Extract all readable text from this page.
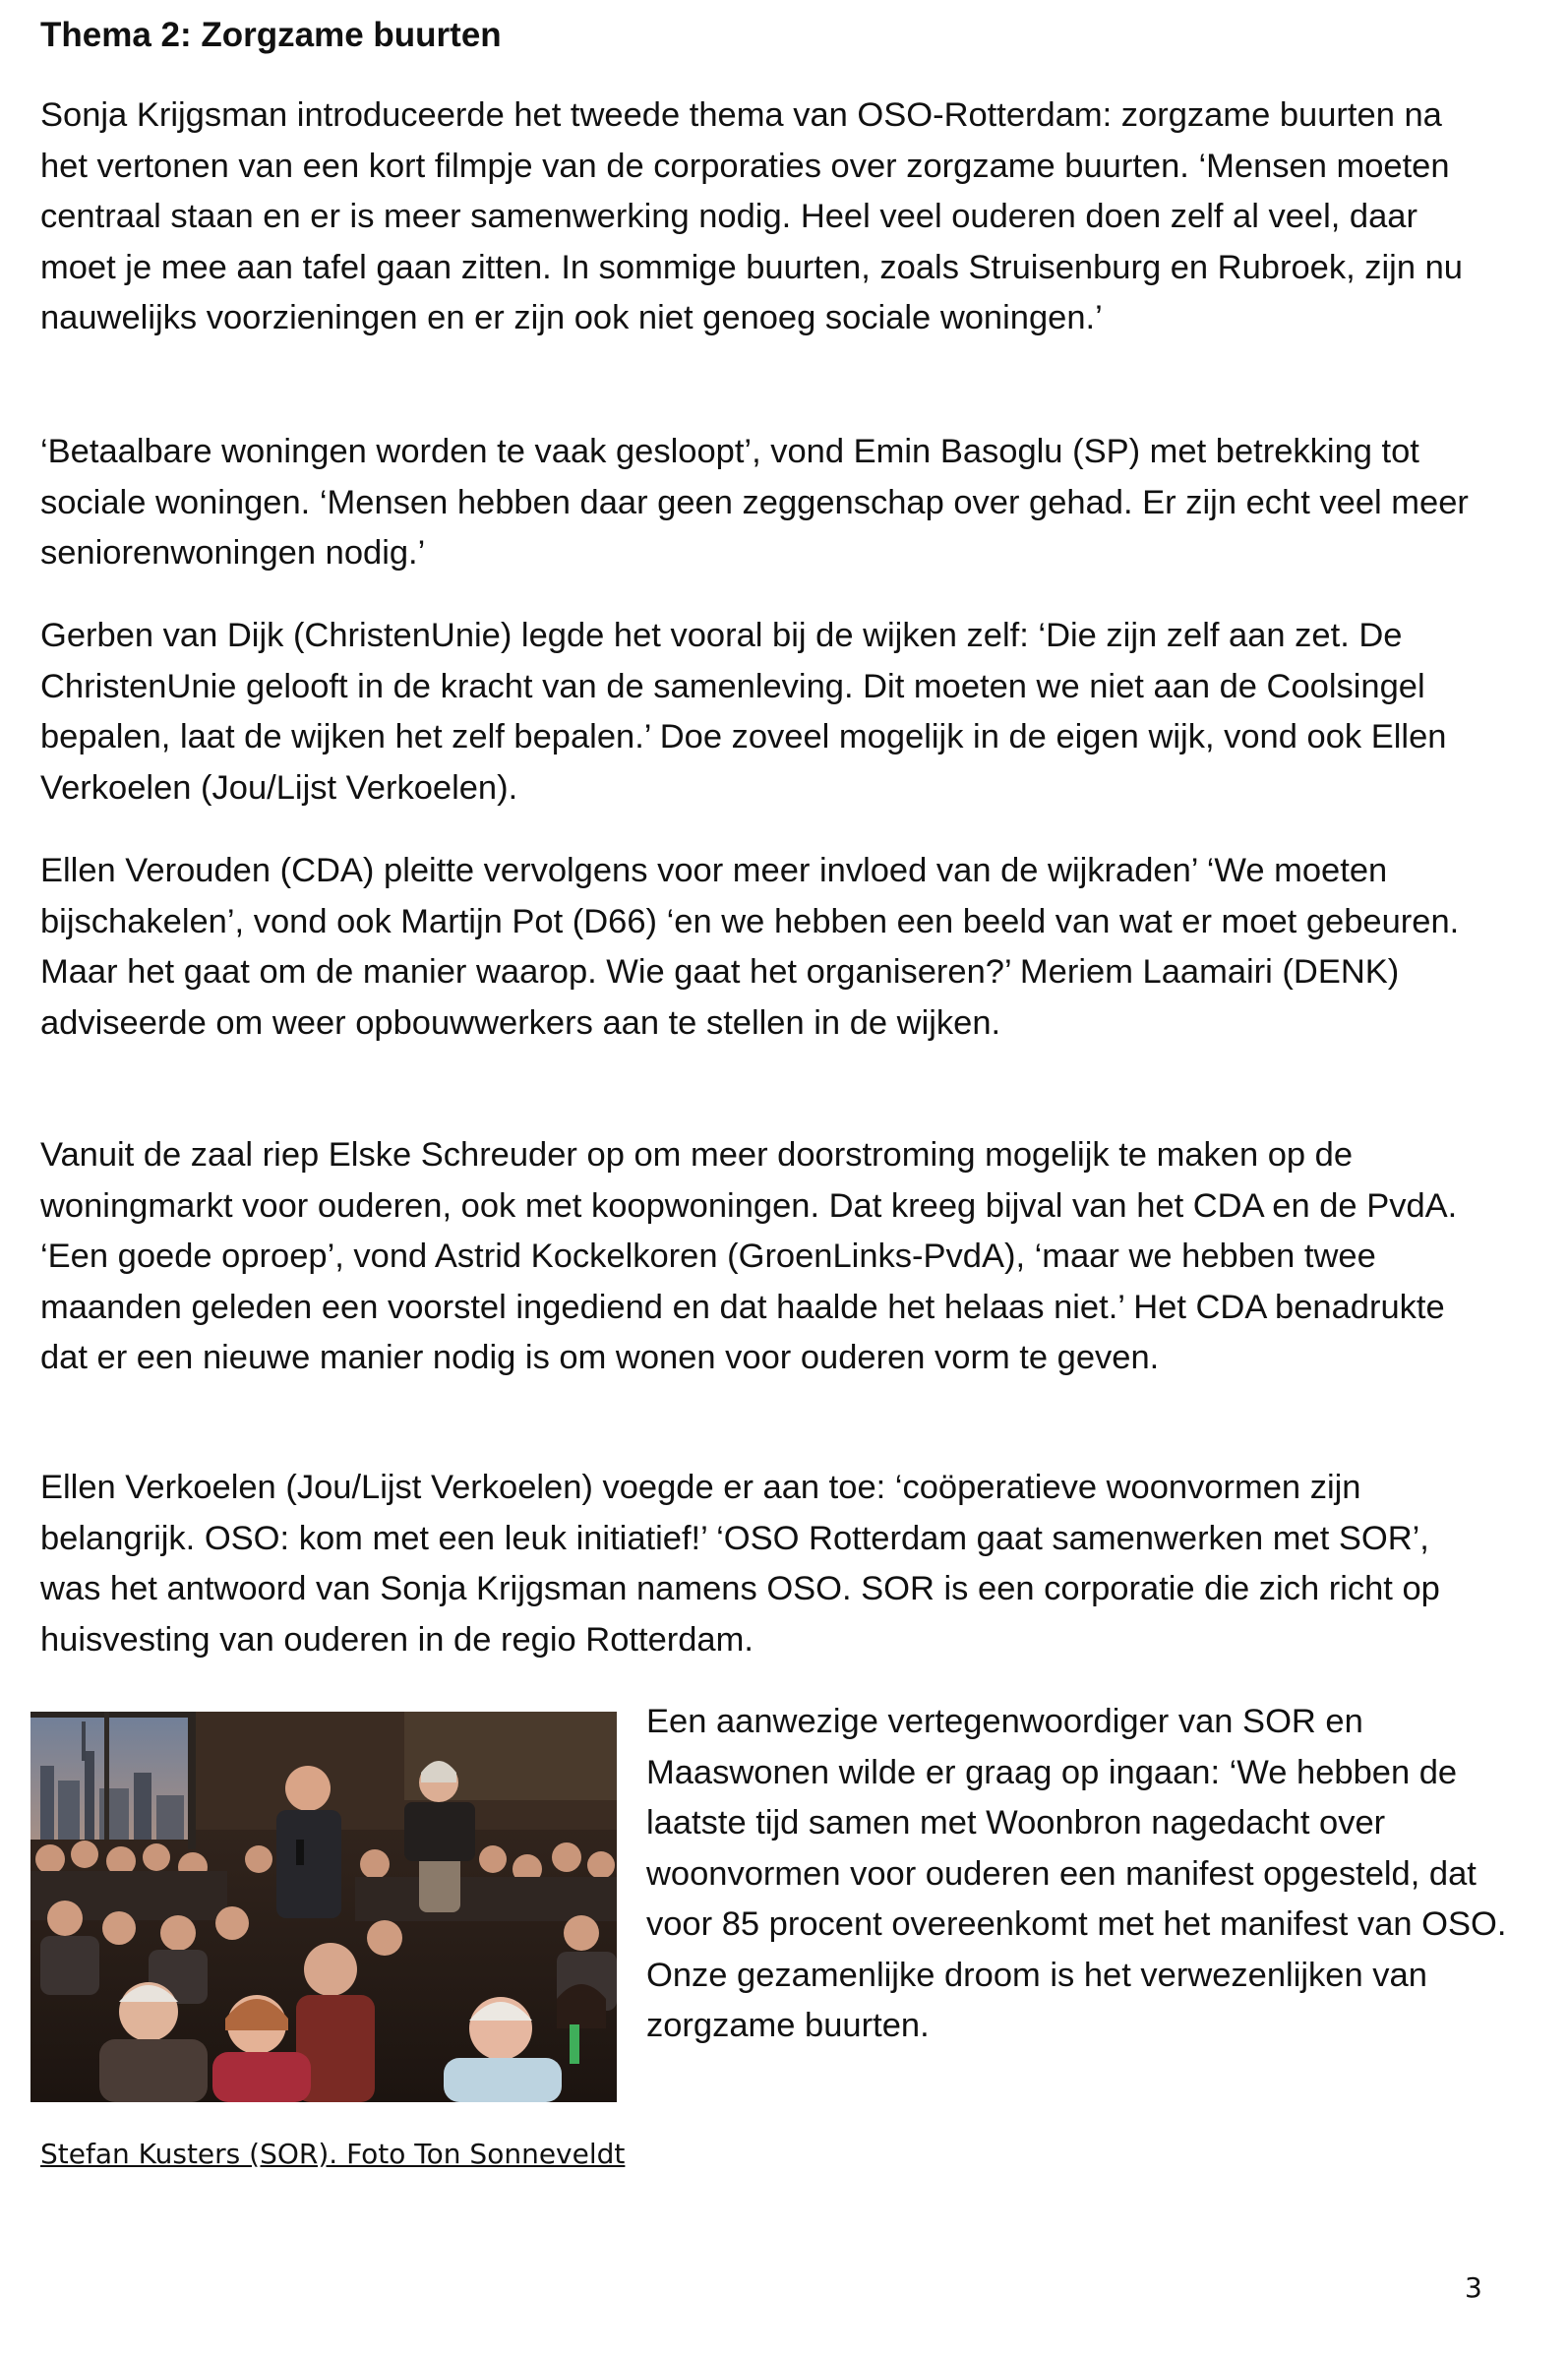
Thema 2: Zorgzame buurten

Sonja Krijgsman introduceerde het tweede thema van OSO-Rotterdam: zorgzame buurten na het vertonen van een kort filmpje van de corporaties over zorgzame buurten. ‘Mensen moeten centraal staan en er is meer samenwerking nodig. Heel veel ouderen doen zelf al veel, daar moet je mee aan tafel gaan zitten. In sommige buurten, zoals Struisenburg en Rubroek, zijn nu nauwelijks voorzieningen en er zijn ook niet genoeg sociale woningen.’

‘Betaalbare woningen worden te vaak gesloopt’, vond Emin Basoglu (SP) met betrekking tot sociale woningen. ‘Mensen hebben daar geen zeggenschap over gehad. Er zijn echt veel meer seniorenwoningen nodig.’

Gerben van Dijk (ChristenUnie) legde het vooral bij de wijken zelf: ‘Die zijn zelf aan zet. De ChristenUnie gelooft in de kracht van de samenleving. Dit moeten we niet aan de Coolsingel bepalen, laat de wijken het zelf bepalen.’ Doe zoveel mogelijk in de eigen wijk, vond ook Ellen Verkoelen (Jou/Lijst Verkoelen).

Ellen Verouden (CDA) pleitte vervolgens voor meer invloed van de wijkraden’ ‘We moeten bijschakelen’, vond ook Martijn Pot (D66) ‘en we hebben een beeld van wat er moet gebeuren. Maar het gaat om de manier waarop. Wie gaat het organiseren?’ Meriem Laamairi (DENK) adviseerde om weer opbouwwerkers aan te stellen in de wijken.

Vanuit de zaal riep Elske Schreuder op om meer doorstroming mogelijk te maken op de woningmarkt voor ouderen, ook met koopwoningen. Dat kreeg bijval van het CDA en de PvdA. ‘Een goede oproep’, vond Astrid Kockelkoren (GroenLinks-PvdA), ‘maar we hebben twee maanden geleden een voorstel ingediend en dat haalde het helaas niet.’ Het CDA benadrukte dat er een nieuwe manier nodig is om wonen voor ouderen vorm te geven.

Ellen Verkoelen (Jou/Lijst Verkoelen) voegde er aan toe: ‘coöperatieve woonvormen zijn belangrijk. OSO: kom met een leuk initiatief!’ ‘OSO Rotterdam gaat samenwerken met SOR’, was het antwoord van Sonja Krijgsman namens OSO. SOR is een corporatie die zich richt op huisvesting van ouderen in de regio Rotterdam.

Een aanwezige vertegenwoordiger van SOR en Maaswonen wilde er graag op ingaan: ‘We hebben de laatste tijd samen met Woonbron nagedacht over woonvormen voor ouderen een manifest opgesteld, dat voor 85 procent overeenkomt met het manifest van OSO. Onze gezamenlijke droom is het verwezenlijken van zorgzame buurten.

Stefan Kusters (SOR). Foto Ton Sonneveldt
3
